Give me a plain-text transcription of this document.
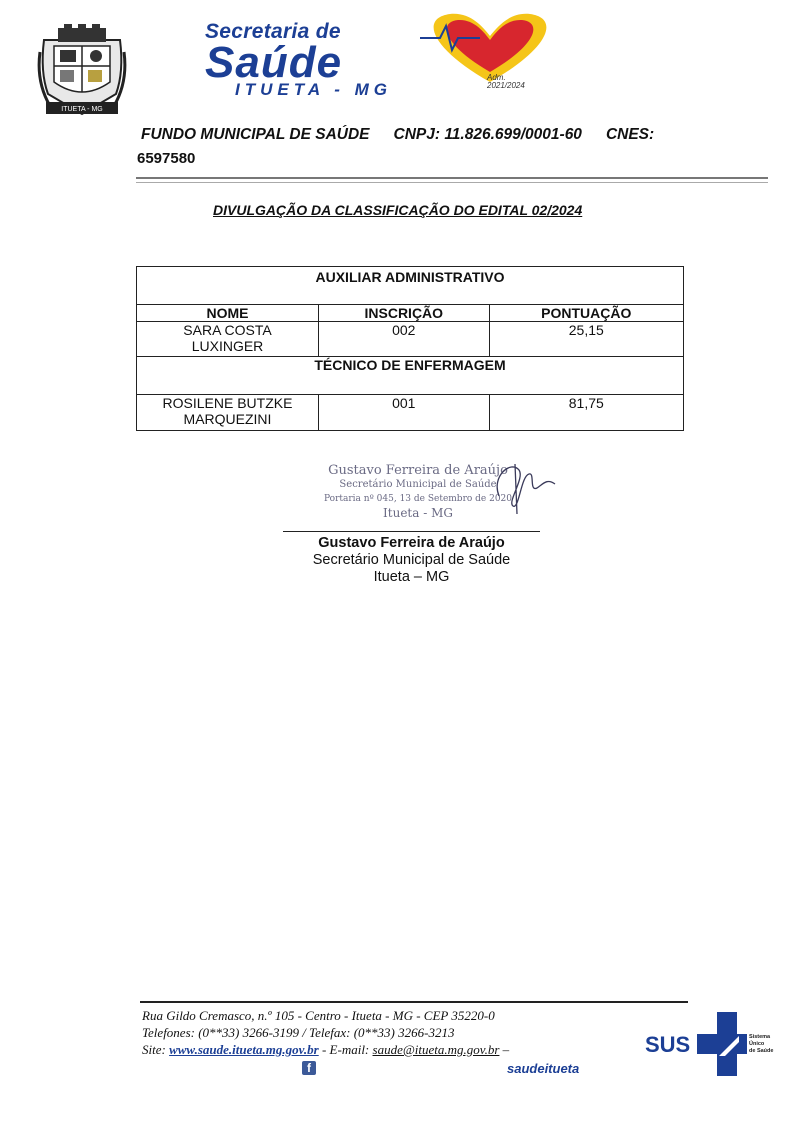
ITUETA - MG
Secretaria de
Saúde
ITUETA - MG
Adm.
2021/2024
FUNDO MUNICIPAL DE SAÚDE CNPJ: 11.826.699/0001-60 CNES:
6597580
DIVULGAÇÃO DA CLASSIFICAÇÃO DO EDITAL 02/2024
AUXILIAR ADMINISTRATIVO		
NOME	INSCRIÇÃO	PONTUAÇÃO

SARA COSTA
LUXINGER	002	25,15
TÉCNICO DE ENFERMAGEM		

ROSILENE BUTZKE
MARQUEZINI	001	81,75
Gustavo Ferreira de Araújo
Secretário Municipal de Saúde
Portaria nº 045, 13 de Setembro de 2020
Itueta - MG
Gustavo Ferreira de Araújo
Secretário Municipal de Saúde
Itueta – MG
Rua Gildo Cremasco, n.º 105 - Centro - Itueta - MG - CEP 35220-0
Telefones: (0**33) 3266-3199 / Telefax: (0**33) 3266-3213
Site: www.saude.itueta.mg.gov.br - E-mail: saude@itueta.mg.gov.br –
f	saudeitueta
SUS	Sistema
Único
de Saúde
